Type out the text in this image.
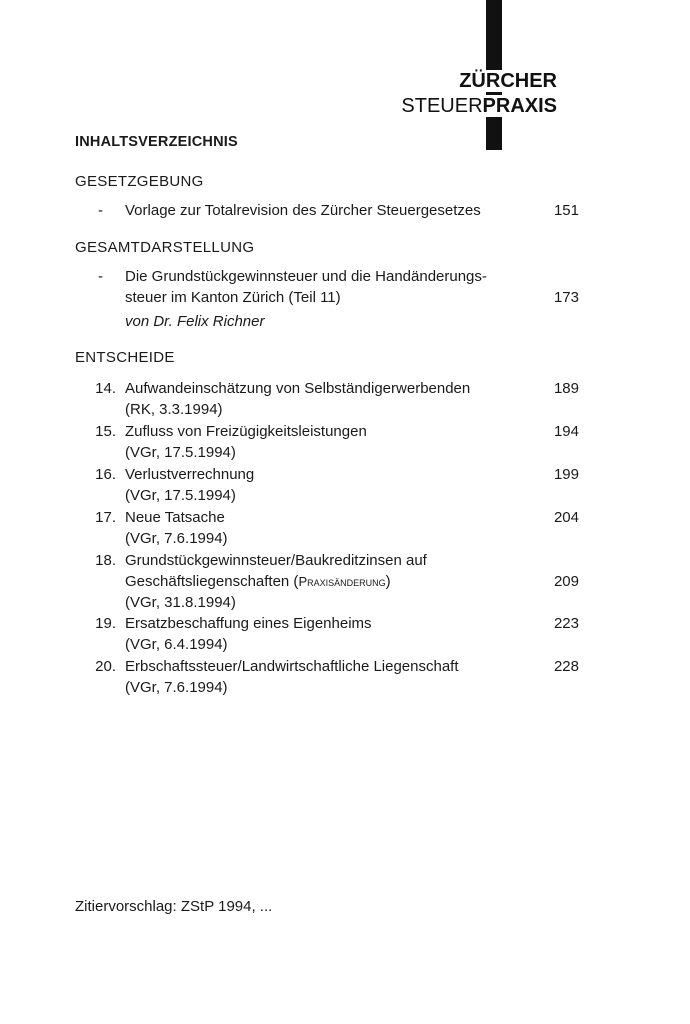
ZÜRCHER
STEUERPRAXIS
INHALTSVERZEICHNIS
GESETZGEBUNG
- Vorlage zur Totalrevision des Zürcher Steuergesetzes	151
GESAMTDARSTELLUNG
- Die Grundstückgewinnsteuer und die Handänderungs-
steuer im Kanton Zürich (Teil 11)
von Dr. Felix Richner
173
ENTSCHEIDE
14. Aufwandeinschätzung von Selbständigerwerbenden
(RK, 3.3.1994)
189
15. Zufluss von Freizügigkeitsleistungen
(VGr, 17.5.1994)
194
16. Verlustverrechnung
(VGr, 17.5.1994)
199
17. Neue Tatsache
(VGr, 7.6.1994)
204
18. Grundstückgewinnsteuer/Baukreditzinsen auf
Geschäftsliegenschaften (Praxisänderung)
(VGr, 31.8.1994)
209
19. Ersatzbeschaffung eines Eigenheims
(VGr, 6.4.1994)
223
20. Erbschaftssteuer/Landwirtschaftliche Liegenschaft
(VGr, 7.6.1994)
228
Zitiervorschlag: ZStP 1994, ...
